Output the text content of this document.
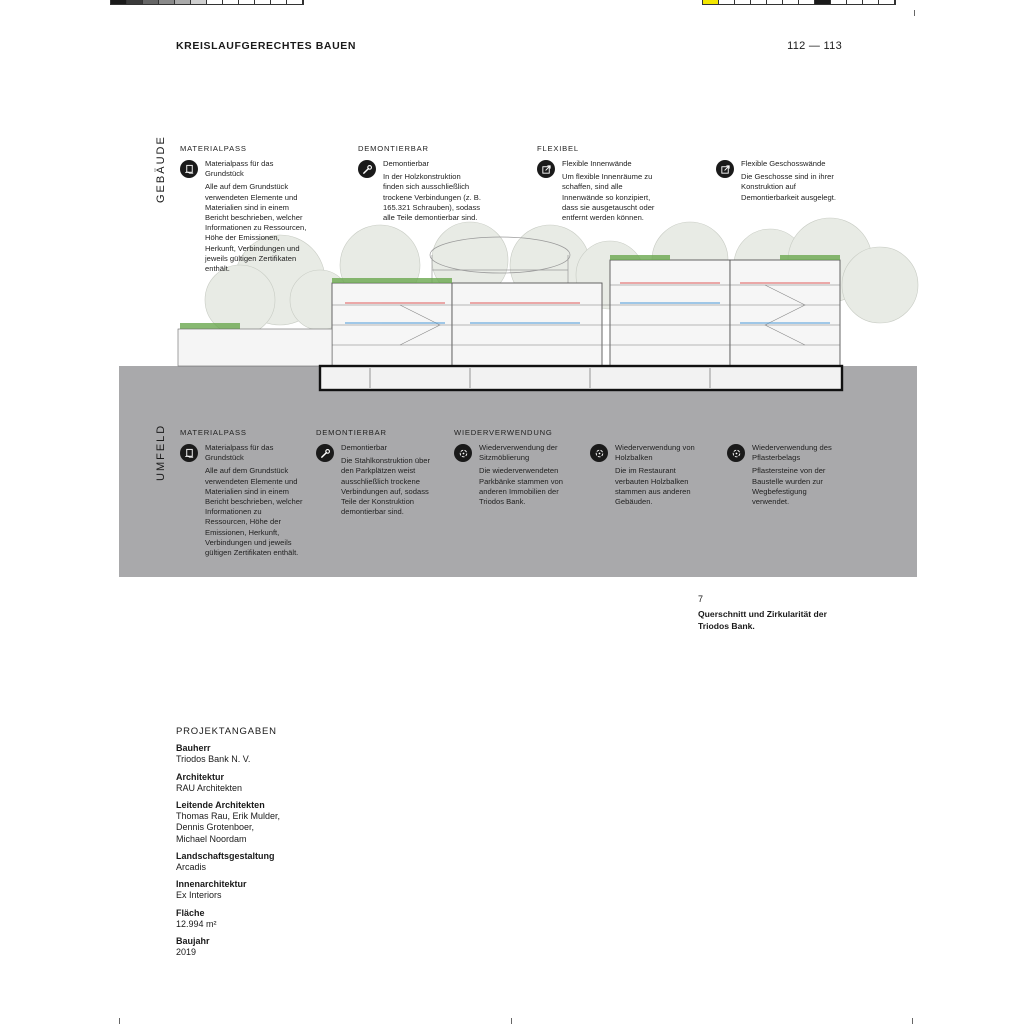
KREISLAUFGERECHTES BAUEN	112 — 113
GEBÄUDE
UMFELD
MATERIALPASS
Materialpass für das Grundstück
Alle auf dem Grundstück verwendeten Elemente und Materialien sind in einem Bericht beschrieben, welcher Informationen zu Ressourcen, Höhe der Emissionen, Herkunft, Verbindungen und jeweils gültigen Zertifikaten enthält.
DEMONTIERBAR
Demontierbar
In der Holzkonstruktion finden sich ausschließlich trockene Verbindungen (z. B. 165.321 Schrauben), sodass alle Teile demontierbar sind.
FLEXIBEL
Flexible Innenwände
Um flexible Innenräume zu schaffen, sind alle Innenwände so konzipiert, dass sie ausgetauscht oder entfernt werden können.
Flexible Geschosswände
Die Geschosse sind in ihrer Konstruktion auf Demontierbarkeit ausgelegt.
MATERIALPASS
Materialpass für das Grundstück
Alle auf dem Grundstück verwendeten Elemente und Materialien sind in einem Bericht beschrieben, welcher Informationen zu Ressourcen, Höhe der Emissionen, Herkunft, Verbindungen und jeweils gültigen Zertifikaten enthält.
DEMONTIERBAR
Demontierbar
Die Stahlkonstruktion über den Parkplätzen weist ausschließlich trockene Verbindungen auf, sodass Teile der Konstruktion demontierbar sind.
WIEDERVERWENDUNG
Wiederverwendung der Sitzmöblierung
Die wiederverwendeten Parkbänke stammen von anderen Immobilien der Triodos Bank.
Wiederverwendung von Holzbalken
Die im Restaurant verbauten Holzbalken stammen aus anderen Gebäuden.
Wiederverwendung des Pflasterbelags
Pflastersteine von der Baustelle wurden zur Wegbefestigung verwendet.
7
Querschnitt und Zirkularität der Triodos Bank.
PROJEKTANGABEN
Bauherr
Triodos Bank N. V.
Architektur
RAU Architekten
Leitende Architekten
Thomas Rau, Erik Mulder,
Dennis Grotenboer,
Michael Noordam
Landschaftsgestaltung
Arcadis
Innenarchitektur
Ex Interiors
Fläche
12.994 m²
Baujahr
2019
